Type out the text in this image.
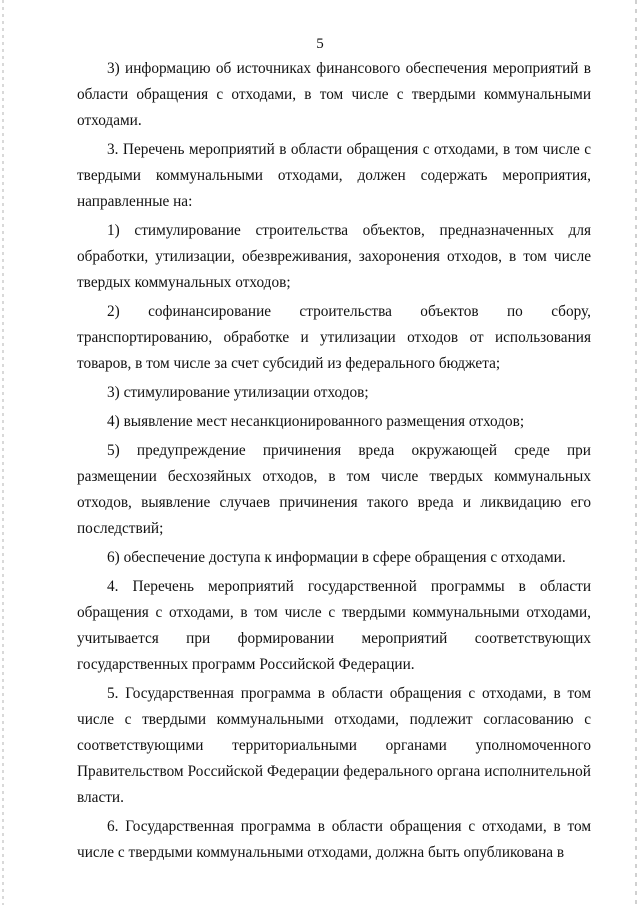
5

3) информацию об источниках финансового обеспечения мероприятий в области обращения с отходами, в том числе с твердыми коммунальными отходами.

3. Перечень мероприятий в области обращения с отходами, в том числе с твердыми коммунальными отходами, должен содержать мероприятия, направленные на:

1) стимулирование строительства объектов, предназначенных для обработки, утилизации, обезвреживания, захоронения отходов, в том числе твердых коммунальных отходов;

2) софинансирование строительства объектов по сбору, транспортированию, обработке и утилизации отходов от использования товаров, в том числе за счет субсидий из федерального бюджета;

3) стимулирование утилизации отходов;

4) выявление мест несанкционированного размещения отходов;

5) предупреждение причинения вреда окружающей среде при размещении бесхозяйных отходов, в том числе твердых коммунальных отходов, выявление случаев причинения такого вреда и ликвидацию его последствий;

6) обеспечение доступа к информации в сфере обращения с отходами.

4. Перечень мероприятий государственной программы в области обращения с отходами, в том числе с твердыми коммунальными отходами, учитывается при формировании мероприятий соответствующих государственных программ Российской Федерации.

5. Государственная программа в области обращения с отходами, в том числе с твердыми коммунальными отходами, подлежит согласованию с соответствующими территориальными органами уполномоченного Правительством Российской Федерации федерального органа исполнительной власти.

6. Государственная программа в области обращения с отходами, в том числе с твердыми коммунальными отходами, должна быть опубликована в
